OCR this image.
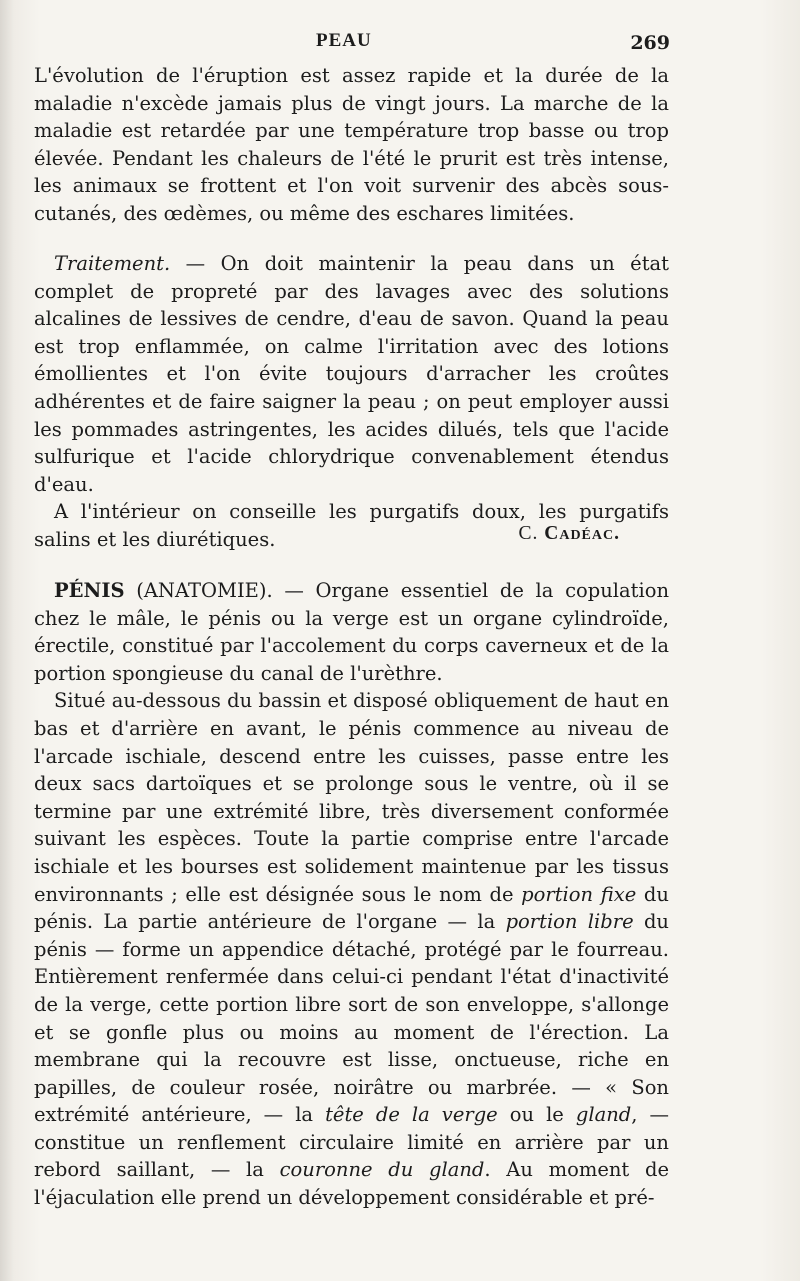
PEAU	269

L'évolution de l'éruption est assez rapide et la durée de la maladie n'excède jamais plus de vingt jours. La marche de la maladie est retardée par une température trop basse ou trop élevée. Pendant les chaleurs de l'été le prurit est très intense, les animaux se frottent et l'on voit survenir des abcès sous-cutanés, des œdèmes, ou même des eschares limitées.

Traitement. — On doit maintenir la peau dans un état complet de propreté par des lavages avec des solutions alcalines de lessives de cendre, d'eau de savon. Quand la peau est trop enflammée, on calme l'irritation avec des lotions émollientes et l'on évite toujours d'arracher les croûtes adhérentes et de faire saigner la peau ; on peut employer aussi les pommades astringentes, les acides dilués, tels que l'acide sulfurique et l'acide chlorydrique convenablement étendus d'eau.

A l'intérieur on conseille les purgatifs doux, les purgatifs salins et les diurétiques.	C. Cadéac.

PÉNIS (ANATOMIE). — Organe essentiel de la copulation chez le mâle, le pénis ou la verge est un organe cylindroïde, érectile, constitué par l'accolement du corps caverneux et de la portion spongieuse du canal de l'urèthre.

Situé au-dessous du bassin et disposé obliquement de haut en bas et d'arrière en avant, le pénis commence au niveau de l'arcade ischiale, descend entre les cuisses, passe entre les deux sacs dartoïques et se prolonge sous le ventre, où il se termine par une extrémité libre, très diversement conformée suivant les espèces. Toute la partie comprise entre l'arcade ischiale et les bourses est solidement maintenue par les tissus environnants ; elle est désignée sous le nom de portion fixe du pénis. La partie antérieure de l'organe — la portion libre du pénis — forme un appendice détaché, protégé par le fourreau. Entièrement renfermée dans celui-ci pendant l'état d'inactivité de la verge, cette portion libre sort de son enveloppe, s'allonge et se gonfle plus ou moins au moment de l'érection. La membrane qui la recouvre est lisse, onctueuse, riche en papilles, de couleur rosée, noirâtre ou marbrée. — « Son extrémité antérieure, — la tête de la verge ou le gland, — constitue un renflement circulaire limité en arrière par un rebord saillant, — la couronne du gland. Au moment de l'éjaculation elle prend un développement considérable et pré-
